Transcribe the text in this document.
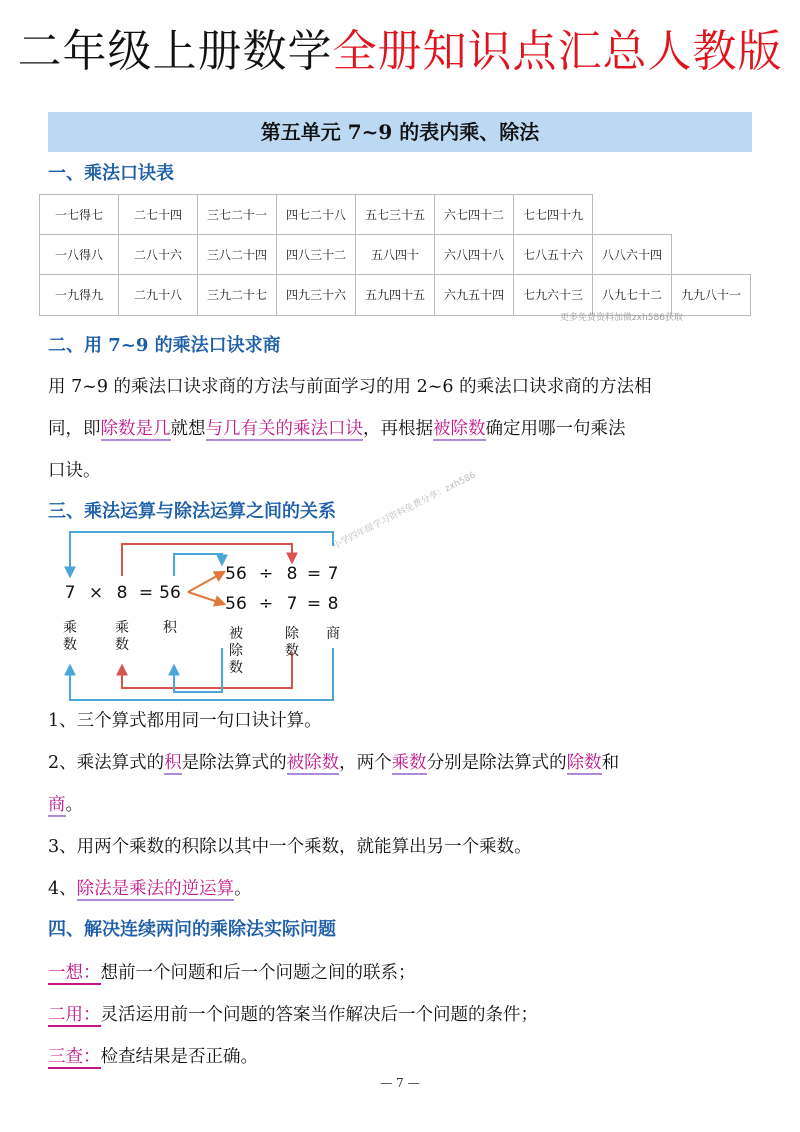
二年级上册数学全册知识点汇总人教版
第五单元 7~9 的表内乘、除法
一、乘法口诀表
一七得七	二七十四	三七二十一	四七二十八	五七三十五	六七四十二	七七四十九
一八得八	二八十六	三八二十四	四八三十二	五八四十	六八四十八	七八五十六	八八六十四
一九得九	二九十八	三九二十七	四九三十六	五九四十五	六九五十四	七九六十三	八九七十二	九九八十一
更多免费资料加微zxh586获取
二、用 7~9 的乘法口诀求商
用 7~9 的乘法口诀求商的方法与前面学习的用 2~6 的乘法口诀求商的方法相
同，即除数是几就想与几有关的乘法口诀，再根据被除数确定用哪一句乘法
口诀。
三、乘法运算与除法运算之间的关系
7 × 8 = 56
56 ÷ 8 = 7
56 ÷ 7 = 8
乘数
乘数
积	被除数
除数
商
小学四年级学习资料免费分享：zxh586
1、三个算式都用同一句口诀计算。
2、乘法算式的积是除法算式的被除数，两个乘数分别是除法算式的除数和
商。
3、用两个乘数的积除以其中一个乘数，就能算出另一个乘数。
4、除法是乘法的逆运算。
四、解决连续两问的乘除法实际问题
一想：想前一个问题和后一个问题之间的联系；
二用：灵活运用前一个问题的答案当作解决后一个问题的条件；
三查：检查结果是否正确。
— 7 —
